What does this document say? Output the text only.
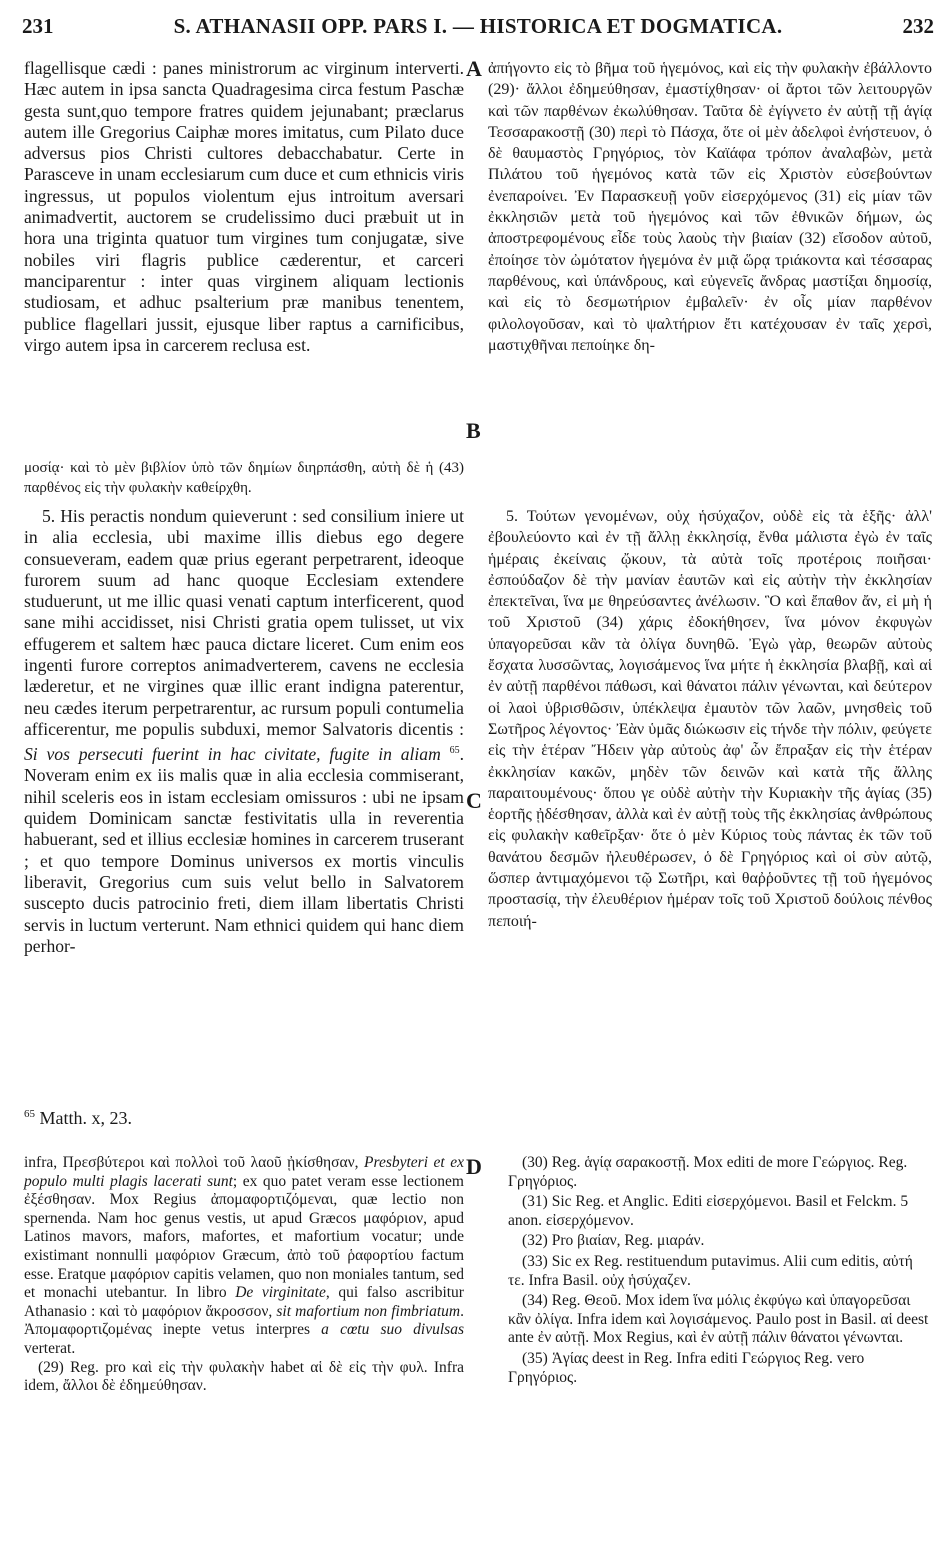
231	S. ATHANASII OPP. PARS I. — HISTORICA ET DOGMATICA.	232

flagellisque cædi : panes ministrorum ac virginum interverti. Hæc autem in ipsa sancta Quadragesima circa festum Paschæ gesta sunt,quo tempore fratres quidem jejunabant; præclarus autem ille Gregorius Caiphæ mores imitatus, cum Pilato duce adversus pios Christi cultores debacchabatur. Certe in Parasceve in unam ecclesiarum cum duce et cum ethnicis viris ingressus, ut populos violentum ejus introitum aversari animadvertit, auctorem se crudelissimo duci præbuit ut in hora una triginta quatuor tum virgines tum conjugatæ, sive nobiles viri flagris publice cæderentur, et carceri manciparentur : inter quas virginem aliquam lectionis studiosam, et adhuc psalterium præ manibus tenentem, publice flagellari jussit, ejusque liber raptus a carnificibus, virgo autem ipsa in carcerem reclusa est.

ἀπήγοντο εἰς τὸ βῆμα τοῦ ἡγεμόνος, καὶ εἰς τὴν φυλακὴν ἐβάλλοντο (29)· ἄλλοι ἐδημεύθησαν, ἐμαστίχθησαν· οἱ ἄρτοι τῶν λειτουργῶν καὶ τῶν παρθένων ἐκωλύθησαν. Ταῦτα δὲ ἐγίγνετο ἐν αὐτῇ τῇ ἁγίᾳ Τεσσαρακοστῇ (30) περὶ τὸ Πάσχα, ὅτε οἱ μὲν ἀδελφοὶ ἐνήστευον, ὁ δὲ θαυμαστὸς Γρηγόριος, τὸν Καϊάφα τρόπον ἀναλαβὼν, μετὰ Πιλάτου τοῦ ἡγεμόνος κατὰ τῶν εἰς Χριστὸν εὐσεβούντων ἐνεπαροίνει. Ἐν Παρασκευῇ γοῦν εἰσερχόμενος (31) εἰς μίαν τῶν ἐκκλησιῶν μετὰ τοῦ ἡγεμόνος καὶ τῶν ἐθνικῶν δήμων, ὡς ἀποστρεφομένους εἶδε τοὺς λαοὺς τὴν βιαίαν (32) εἴσοδον αὐτοῦ, ἐποίησε τὸν ὠμότατον ἡγεμόνα ἐν μιᾷ ὥρᾳ τριάκοντα καὶ τέσσαρας παρθένους, καὶ ὑπάνδρους, καὶ εὐγενεῖς ἄνδρας μαστίξαι δημοσίᾳ, καὶ εἰς τὸ δεσμωτήριον ἐμβαλεῖν· ἐν οἷς μίαν παρθένον φιλολογοῦσαν, καὶ τὸ ψαλτήριον ἔτι κατέχουσαν ἐν ταῖς χερσὶ, μαστιχθῆναι πεποίηκε δη-

A
B
C
D

μοσίᾳ· καὶ τὸ μὲν βιβλίον ὑπὸ τῶν δημίων διηρπάσθη, αὐτὴ δὲ ἡ (43) παρθένος εἰς τὴν φυλακὴν καθείρχθη.

5. His peractis nondum quieverunt : sed consilium iniere ut in alia ecclesia, ubi maxime illis diebus ego degere consueveram, eadem quæ prius egerant perpetrarent, ideoque furorem suum ad hanc quoque Ecclesiam extendere studuerunt, ut me illic quasi venati captum interficerent, quod sane mihi accidisset, nisi Christi gratia opem tulisset, ut vix effugerem et saltem hæc pauca dictare liceret. Cum enim eos ingenti furore correptos animadverterem, cavens ne ecclesia læderetur, et ne virgines quæ illic erant indigna paterentur, neu cædes iterum perpetrarentur, ac rursum populi contumelia afficerentur, me populis subduxi, memor Salvatoris dicentis : Si vos persecuti fuerint in hac civitate, fugite in aliam $^{65}$. Noveram enim ex iis malis quæ in alia ecclesia commiserant, nihil sceleris eos in istam ecclesiam omissuros : ubi ne ipsam quidem Dominicam sanctæ festivitatis ulla in reverentia habuerant, sed et illius ecclesiæ homines in carcerem truserant ; et quo tempore Dominus universos ex mortis vinculis liberavit, Gregorius cum suis velut bello in Salvatorem suscepto ducis patrocinio freti, diem illam libertatis Christi servis in luctum verterunt. Nam ethnici quidem qui hanc diem perhor-

5. Τούτων γενομένων, οὐχ ἡσύχαζον, οὐδὲ εἰς τὰ ἑξῆς· ἀλλ' ἐβουλεύοντο καὶ ἐν τῇ ἄλλῃ ἐκκλησίᾳ, ἔνθα μάλιστα ἐγὼ ἐν ταῖς ἡμέραις ἐκείναις ᾤκουν, τὰ αὐτὰ τοῖς προτέροις ποιῆσαι· ἐσπούδαζον δὲ τὴν μανίαν ἑαυτῶν καὶ εἰς αὐτὴν τὴν ἐκκλησίαν ἐπεκτεῖναι, ἵνα με θηρεύσαντες ἀνέλωσιν. Ὃ καὶ ἔπαθον ἄν, εἰ μὴ ἡ τοῦ Χριστοῦ (34) χάρις ἐδοκήθησεν, ἵνα μόνον ἐκφυγὼν ὑπαγορεῦσαι κἂν τὰ ὀλίγα δυνηθῶ. Ἐγὼ γὰρ, θεωρῶν αὐτοὺς ἔσχατα λυσσῶντας, λογισάμενος ἵνα μήτε ἡ ἐκκλησία βλαβῇ, καὶ αἱ ἐν αὐτῇ παρθένοι πάθωσι, καὶ θάνατοι πάλιν γένωνται, καὶ δεύτερον οἱ λαοὶ ὑβρισθῶσιν, ὑπέκλεψα ἐμαυτὸν τῶν λαῶν, μνησθεὶς τοῦ Σωτῆρος λέγοντος· Ἐὰν ὑμᾶς διώκωσιν εἰς τήνδε τὴν πόλιν, φεύγετε εἰς τὴν ἑτέραν Ἤδειν γὰρ αὐτοὺς ἀφ' ὧν ἔπραξαν εἰς τὴν ἑτέραν ἐκκλησίαν κακῶν, μηδὲν τῶν δεινῶν καὶ κατὰ τῆς ἄλλης παραιτουμένους· ὅπου γε οὐδὲ αὐτὴν τὴν Κυριακὴν τῆς ἁγίας (35) ἑορτῆς ᾐδέσθησαν, ἀλλὰ καὶ ἐν αὐτῇ τοὺς τῆς ἐκκλησίας ἀνθρώπους εἰς φυλακὴν καθεῖρξαν· ὅτε ὁ μὲν Κύριος τοὺς πάντας ἐκ τῶν τοῦ θανάτου δεσμῶν ἠλευθέρωσεν, ὁ δὲ Γρηγόριος καὶ οἱ σὺν αὐτῷ, ὥσπερ ἀντιμαχόμενοι τῷ Σωτῆρι, καὶ θαῤῥοῦντες τῇ τοῦ ἡγεμόνος προστασίᾳ, τὴν ἐλευθέριον ἡμέραν τοῖς τοῦ Χριστοῦ δούλοις πένθος πεποιή-

$^{65}$ Matth. x, 23.

infra, Πρεσβύτεροι καὶ πολλοὶ τοῦ λαοῦ ᾐκίσθησαν, Presbyteri et ex populo multi plagis lacerati sunt; ex quo patet veram esse lectionem ἐξέσθησαν. Mox Regius ἀπομαφορτιζόμεναι, quæ lectio non spernenda. Nam hoc genus vestis, ut apud Græcos μαφόριον, apud Latinos mavors, mafors, mafortes, et mafortium vocatur; unde existimant nonnulli μαφόριον Græcum, ἀπὸ τοῦ ῥαφορτίου factum esse. Eratque μαφόριον capitis velamen, quo non moniales tantum, sed et monachi utebantur. In libro De virginitate, qui falso ascribitur Athanasio : καὶ τὸ μαφόριον ἄκροσσον, sit mafortium non fimbriatum. Ἀπομαφορτιζομένας inepte vetus interpres a cœtu suo divulsas verterat.

(29) Reg. pro καὶ εἰς τὴν φυλακὴν habet αἱ δὲ εἰς τὴν φυλ. Infra idem, ἄλλοι δὲ ἐδημεύθησαν.

(30) Reg. ἁγίᾳ σαρακοστῇ. Mox editi de more Γεώργιος. Reg. Γρηγόριος.

(31) Sic Reg. et Anglic. Editi εἰσερχόμενοι. Basil et Felckm. 5 anon. εἰσερχόμενον.

(32) Pro βιαίαν, Reg. μιαράν.

(33) Sic ex Reg. restituendum putavimus. Alii cum editis, αὐτή τε. Infra Basil. οὐχ ἡσύχαζεν.

(34) Reg. Θεοῦ. Mox idem ἵνα μόλις ἐκφύγω καὶ ὑπαγορεῦσαι κἂν ὀλίγα. Infra idem καὶ λογισάμενος. Paulo post in Basil. αἱ deest ante ἐν αὐτῇ. Mox Regius, καὶ ἐν αὐτῇ πάλιν θάνατοι γένωνται.

(35) Ἁγίας deest in Reg. Infra editi Γεώργιος Reg. vero Γρηγόριος.
